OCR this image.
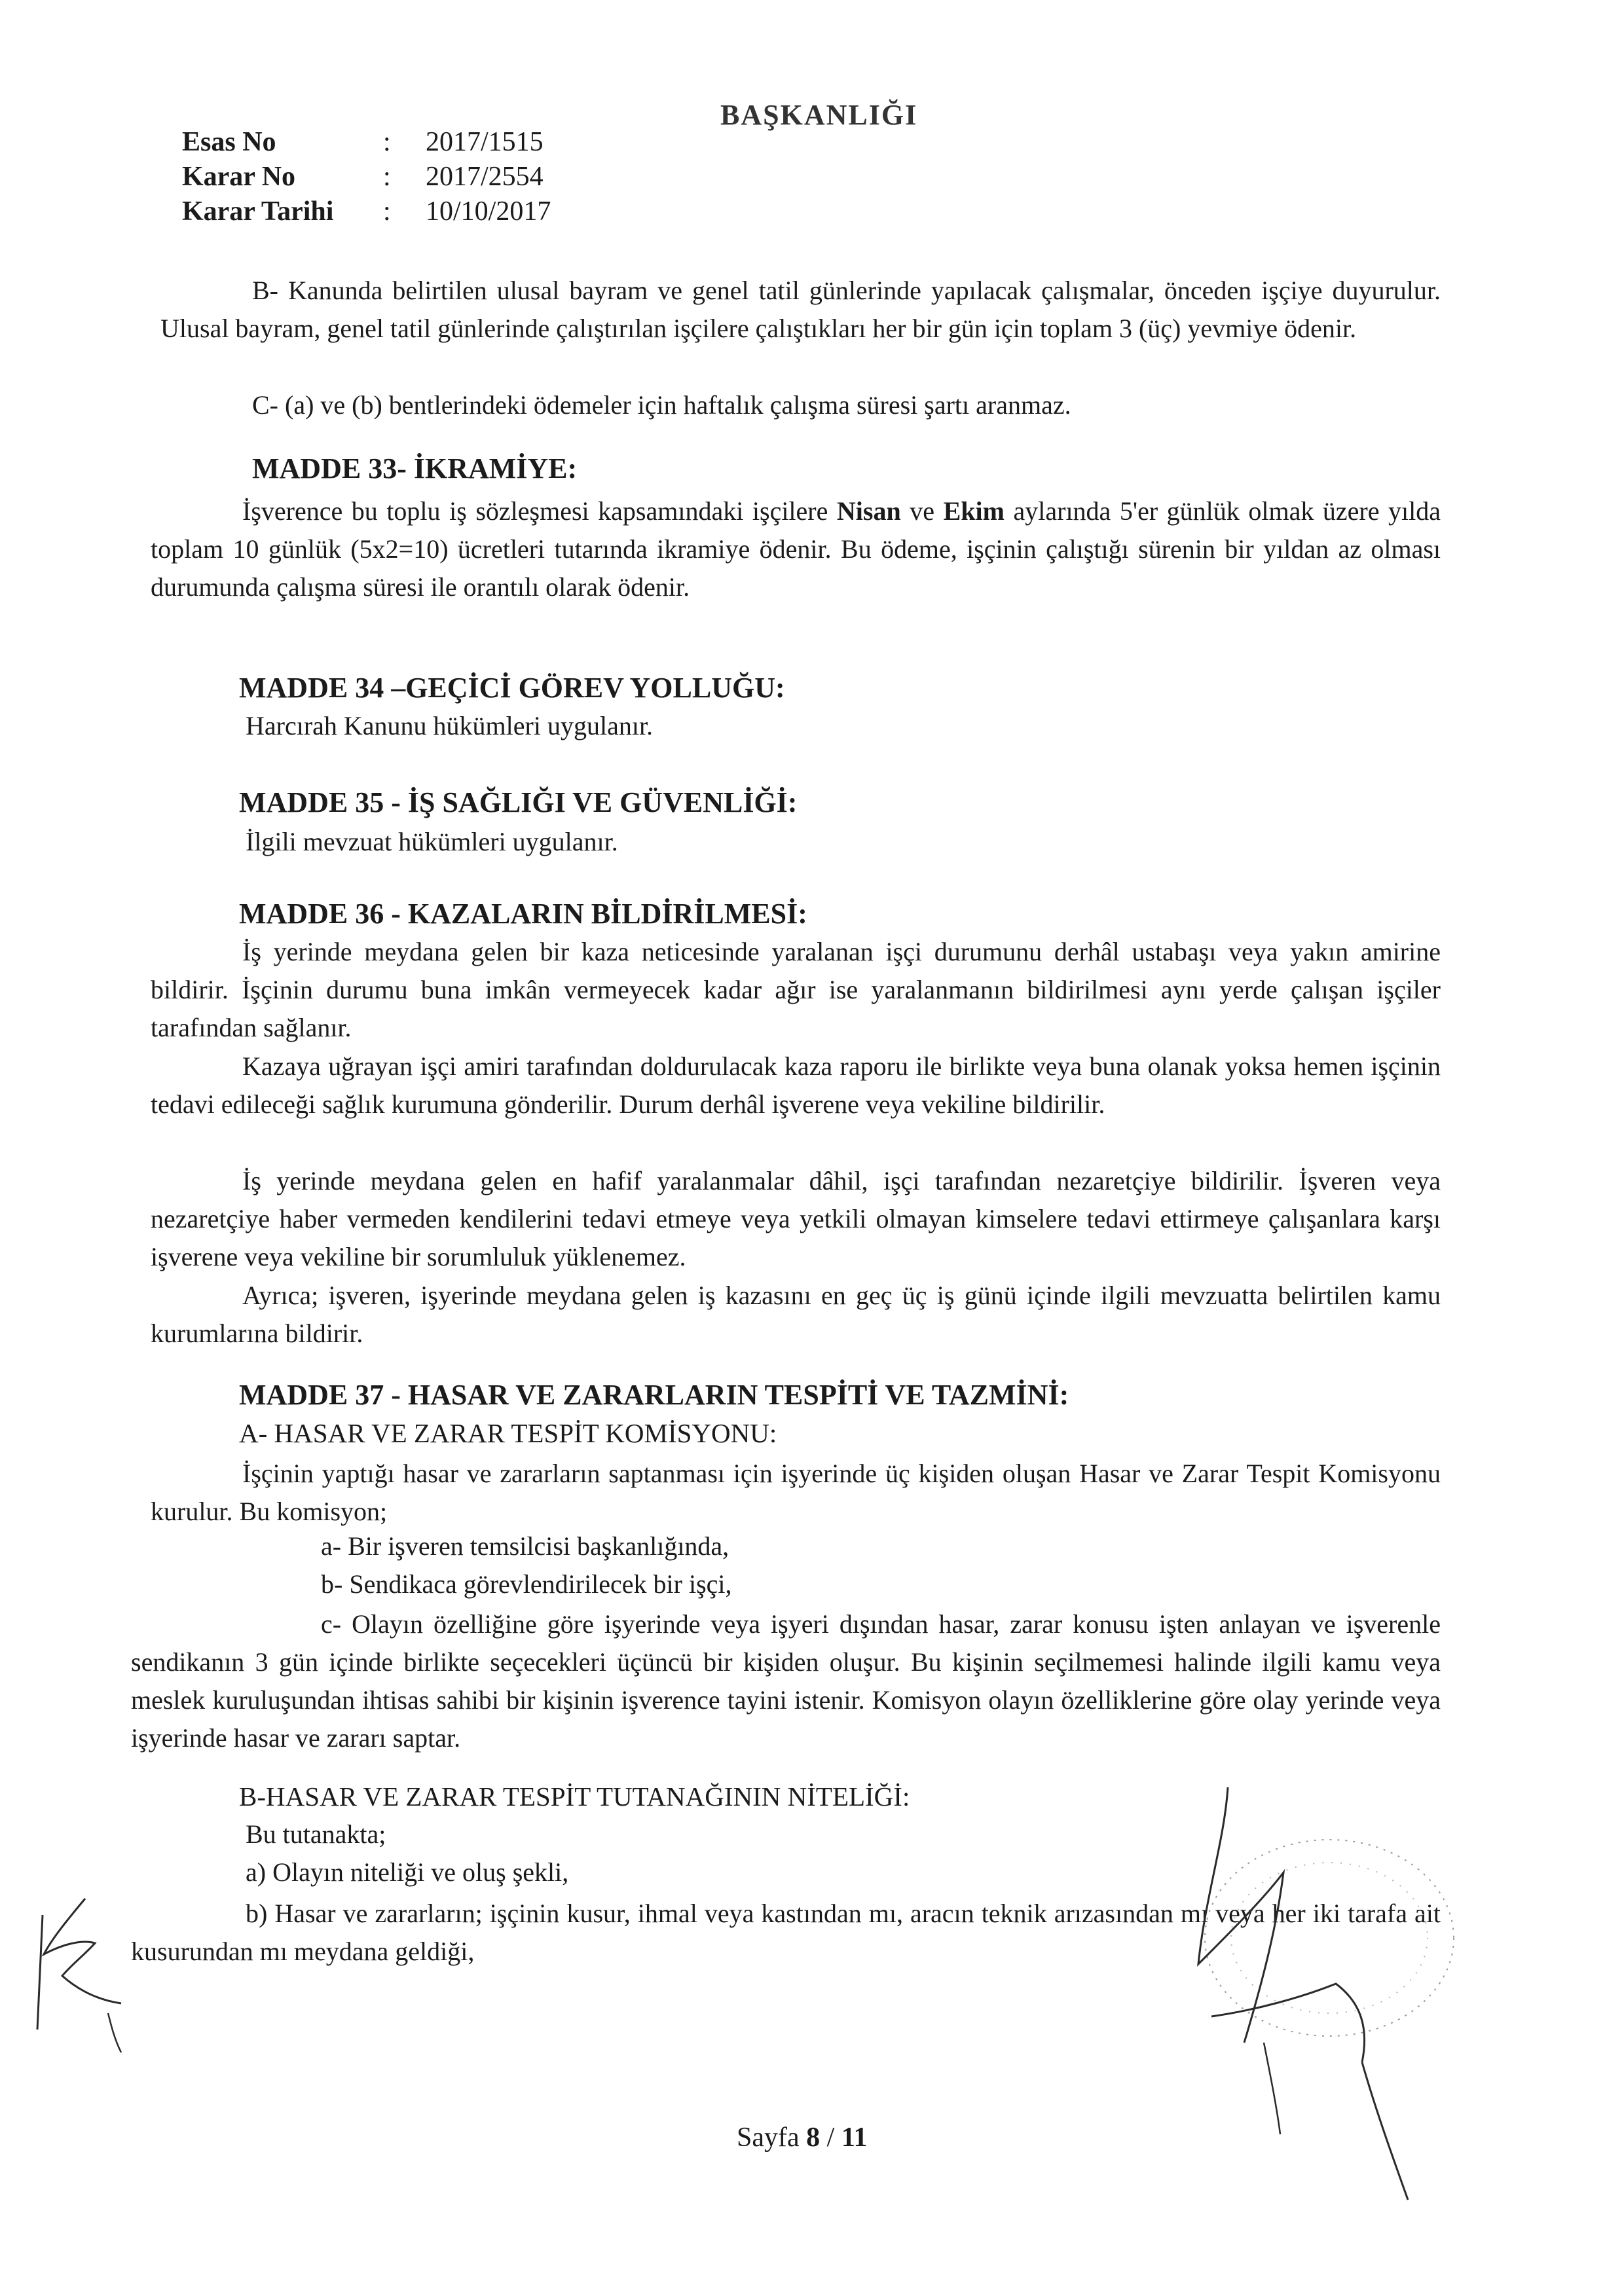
BAŞKANLIĞI
Esas No	: 2017/1515
Karar No	: 2017/2554
Karar Tarihi : 10/10/2017
B- Kanunda belirtilen ulusal bayram ve genel tatil günlerinde yapılacak çalışmalar, önceden işçiye duyurulur. Ulusal bayram, genel tatil günlerinde çalıştırılan işçilere çalıştıkları her bir gün için toplam 3 (üç) yevmiye ödenir.
C- (a) ve (b) bentlerindeki ödemeler için haftalık çalışma süresi şartı aranmaz.
MADDE 33- İKRAMİYE:
İşverence bu toplu iş sözleşmesi kapsamındaki işçilere Nisan ve Ekim aylarında 5'er günlük olmak üzere yılda toplam 10 günlük (5x2=10) ücretleri tutarında ikramiye ödenir. Bu ödeme, işçinin çalıştığı sürenin bir yıldan az olması durumunda çalışma süresi ile orantılı olarak ödenir.
MADDE 34 –GEÇİCİ GÖREV YOLLUĞU:
Harcırah Kanunu hükümleri uygulanır.
MADDE 35 - İŞ SAĞLIĞI VE GÜVENLİĞİ:
İlgili mevzuat hükümleri uygulanır.
MADDE 36 - KAZALARIN BİLDİRİLMESİ:
İş yerinde meydana gelen bir kaza neticesinde yaralanan işçi durumunu derhâl ustabaşı veya yakın amirine bildirir. İşçinin durumu buna imkân vermeyecek kadar ağır ise yaralanmanın bildirilmesi aynı yerde çalışan işçiler tarafından sağlanır.
Kazaya uğrayan işçi amiri tarafından doldurulacak kaza raporu ile birlikte veya buna olanak yoksa hemen işçinin tedavi edileceği sağlık kurumuna gönderilir. Durum derhâl işverene veya vekiline bildirilir.
İş yerinde meydana gelen en hafif yaralanmalar dâhil, işçi tarafından nezaretçiye bildirilir. İşveren veya nezaretçiye haber vermeden kendilerini tedavi etmeye veya yetkili olmayan kimselere tedavi ettirmeye çalışanlara karşı işverene veya vekiline bir sorumluluk yüklenemez.
Ayrıca; işveren, işyerinde meydana gelen iş kazasını en geç üç iş günü içinde ilgili mevzuatta belirtilen kamu kurumlarına bildirir.
MADDE 37 - HASAR VE ZARARLARIN TESPİTİ VE TAZMİNİ:
A- HASAR VE ZARAR TESPİT KOMİSYONU:
İşçinin yaptığı hasar ve zararların saptanması için işyerinde üç kişiden oluşan Hasar ve Zarar Tespit Komisyonu kurulur. Bu komisyon;
a- Bir işveren temsilcisi başkanlığında,
b- Sendikaca görevlendirilecek bir işçi,
c- Olayın özelliğine göre işyerinde veya işyeri dışından hasar, zarar konusu işten anlayan ve işverenle sendikanın 3 gün içinde birlikte seçecekleri üçüncü bir kişiden oluşur. Bu kişinin seçilmemesi halinde ilgili kamu veya meslek kuruluşundan ihtisas sahibi bir kişinin işverence tayini istenir. Komisyon olayın özelliklerine göre olay yerinde veya işyerinde hasar ve zararı saptar.
B-HASAR VE ZARAR TESPİT TUTANAĞININ NİTELİĞİ:
Bu tutanakta;
a) Olayın niteliği ve oluş şekli,
b) Hasar ve zararların; işçinin kusur, ihmal veya kastından mı, aracın teknik arızasından mı veya her iki tarafa ait kusurundan mı meydana geldiği,
Sayfa 8 / 11
